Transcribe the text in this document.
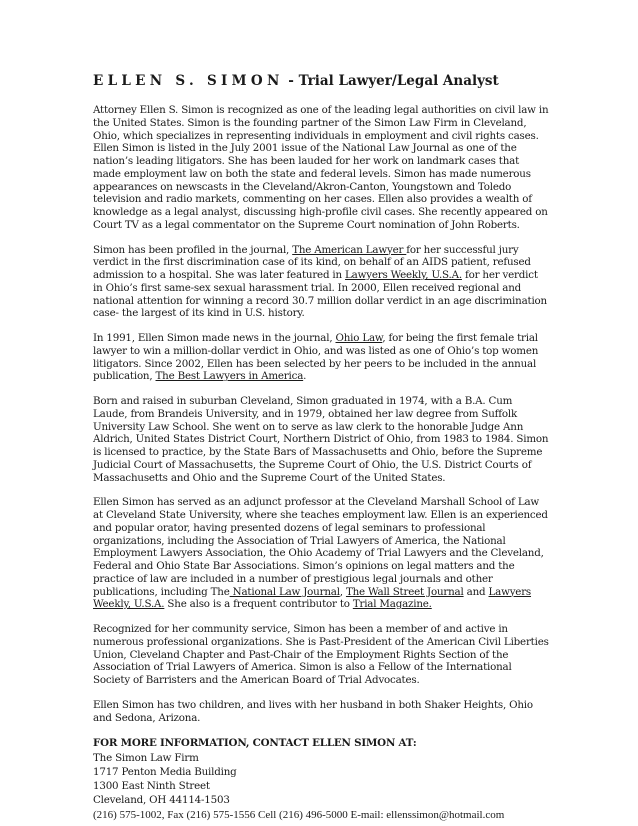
ELLEN S. SIMON - Trial Lawyer/Legal Analyst

Attorney Ellen S. Simon is recognized as one of the leading legal authorities on civil law in the United States. Simon is the founding partner of the Simon Law Firm in Cleveland, Ohio, which specializes in representing individuals in employment and civil rights cases. Ellen Simon is listed in the July 2001 issue of the National Law Journal as one of the nation’s leading litigators. She has been lauded for her work on landmark cases that made employment law on both the state and federal levels. Simon has made numerous appearances on newscasts in the Cleveland/Akron-Canton, Youngstown and Toledo television and radio markets, commenting on her cases. Ellen also provides a wealth of knowledge as a legal analyst, discussing high-profile civil cases. She recently appeared on Court TV as a legal commentator on the Supreme Court nomination of John Roberts.

Simon has been profiled in the journal, The American Lawyer for her successful jury verdict in the first discrimination case of its kind, on behalf of an AIDS patient, refused admission to a hospital. She was later featured in Lawyers Weekly, U.S.A. for her verdict in Ohio’s first same-sex sexual harassment trial. In 2000, Ellen received regional and national attention for winning a record 30.7 million dollar verdict in an age discrimination case- the largest of its kind in U.S. history.

In 1991, Ellen Simon made news in the journal, Ohio Law, for being the first female trial lawyer to win a million-dollar verdict in Ohio, and was listed as one of Ohio’s top women litigators. Since 2002, Ellen has been selected by her peers to be included in the annual publication, The Best Lawyers in America.

Born and raised in suburban Cleveland, Simon graduated in 1974, with a B.A. Cum Laude, from Brandeis University, and in 1979, obtained her law degree from Suffolk University Law School. She went on to serve as law clerk to the honorable Judge Ann Aldrich, United States District Court, Northern District of Ohio, from 1983 to 1984. Simon is licensed to practice, by the State Bars of Massachusetts and Ohio, before the Supreme Judicial Court of Massachusetts, the Supreme Court of Ohio, the U.S. District Courts of Massachusetts and Ohio and the Supreme Court of the United States.

Ellen Simon has served as an adjunct professor at the Cleveland Marshall School of Law at Cleveland State University, where she teaches employment law. Ellen is an experienced and popular orator, having presented dozens of legal seminars to professional organizations, including the Association of Trial Lawyers of America, the National Employment Lawyers Association, the Ohio Academy of Trial Lawyers and the Cleveland, Federal and Ohio State Bar Associations. Simon’s opinions on legal matters and the practice of law are included in a number of prestigious legal journals and other publications, including The National Law Journal, The Wall Street Journal and Lawyers Weekly, U.S.A. She also is a frequent contributor to Trial Magazine.

Recognized for her community service, Simon has been a member of and active in numerous professional organizations. She is Past-President of the American Civil Liberties Union, Cleveland Chapter and Past-Chair of the Employment Rights Section of the Association of Trial Lawyers of America. Simon is also a Fellow of the International Society of Barristers and the American Board of Trial Advocates.

Ellen Simon has two children, and lives with her husband in both Shaker Heights, Ohio and Sedona, Arizona.

FOR MORE INFORMATION, CONTACT ELLEN SIMON AT:
The Simon Law Firm
1717 Penton Media Building
1300 East Ninth Street
Cleveland, OH 44114-1503
(216) 575-1002, Fax (216) 575-1556 Cell (216) 496-5000 E-mail: ellenssimon@hotmail.com
